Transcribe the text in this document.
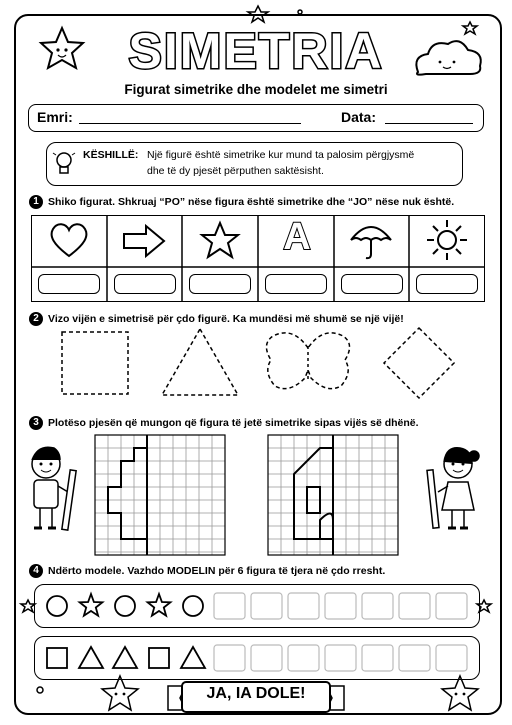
SIMETRIA
Figurat simetrike dhe modelet me simetri
Emri:	Data:
KËSHILLË: Një figurë është simetrike kur mund ta palosim përgjysmë
dhe të dy pjesët përputhen saktësisht.
1 Shiko figurat. Shkruaj “PO” nëse figura është simetrike dhe “JO” nëse nuk është.
A
2 Vizo vijën e simetrisë për çdo figurë. Ka mundësi më shumë se një vijë!
3 Plotëso pjesën që mungon që figura të jetë simetrike sipas vijës së dhënë.
4 Ndërto modele. Vazhdo MODELIN për 6 figura të tjera në çdo rresht.
JA, IA DOLE!
